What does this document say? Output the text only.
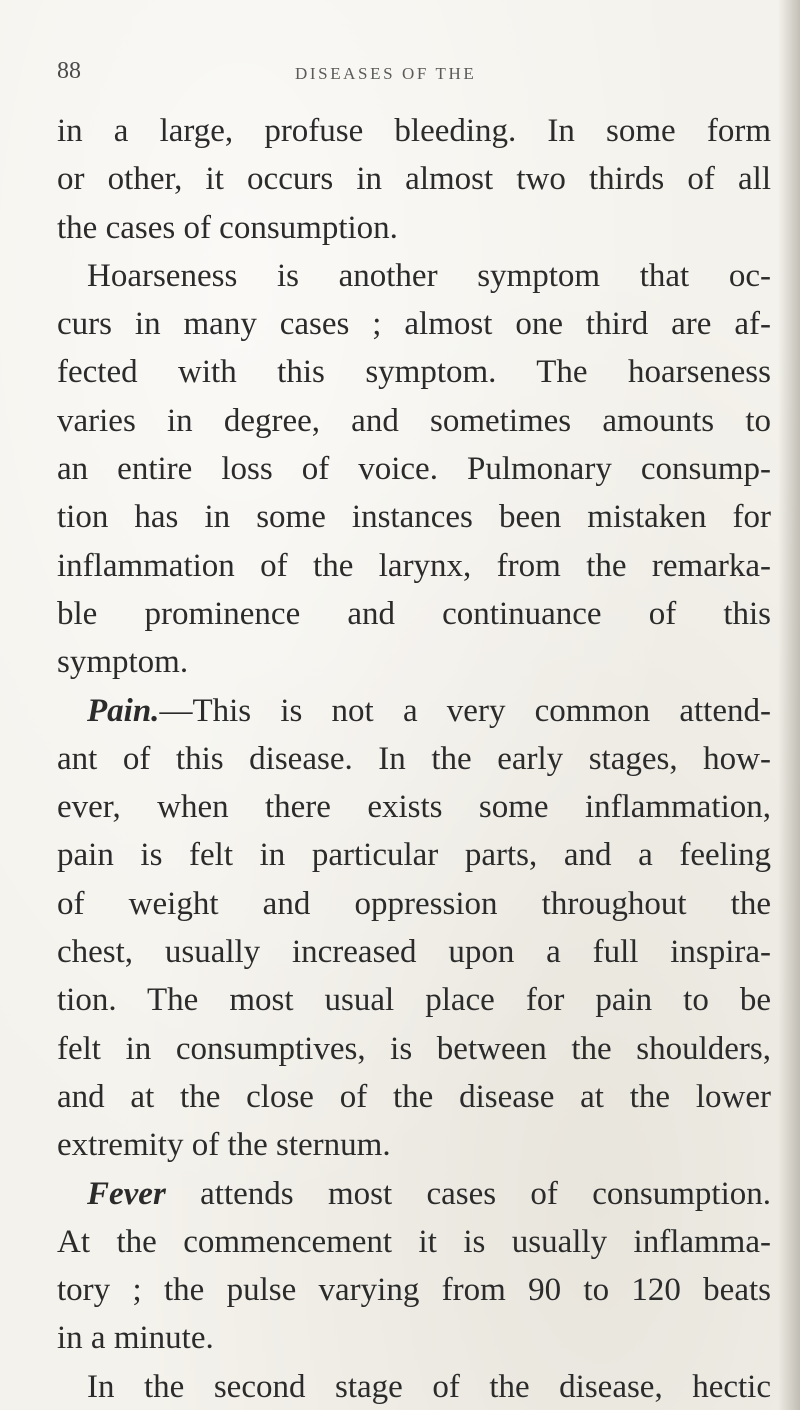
88	DISEASES OF THE
in a large, profuse bleeding. In some form
or other, it occurs in almost two thirds of all
the cases of consumption.
Hoarseness is another symptom that oc-
curs in many cases ; almost one third are af-
fected with this symptom. The hoarseness
varies in degree, and sometimes amounts to
an entire loss of voice. Pulmonary consump-
tion has in some instances been mistaken for
inflammation of the larynx, from the remarka-
ble prominence and continuance of this
symptom.
Pain.—This is not a very common attend-
ant of this disease. In the early stages, how-
ever, when there exists some inflammation,
pain is felt in particular parts, and a feeling
of weight and oppression throughout the
chest, usually increased upon a full inspira-
tion. The most usual place for pain to be
felt in consumptives, is between the shoulders,
and at the close of the disease at the lower
extremity of the sternum.
Fever attends most cases of consumption.
At the commencement it is usually inflamma-
tory ; the pulse varying from 90 to 120 beats
in a minute.
In the second stage of the disease, hectic
